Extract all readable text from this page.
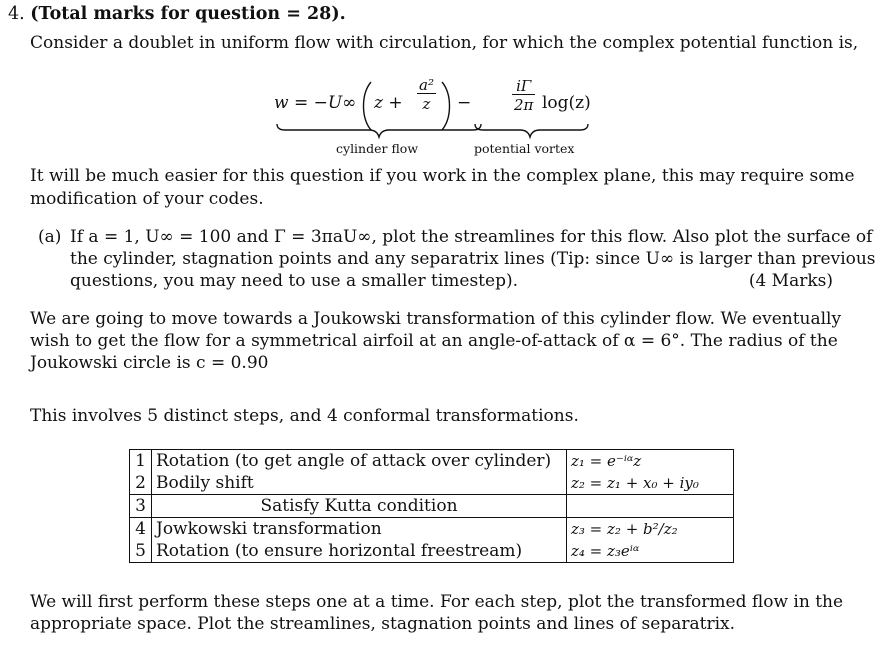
4. (Total marks for question = 28).
Consider a doublet in uniform flow with circulation, for which the complex potential function is,
w = −U∞ $z + \frac{\text{a²}}{z}$ −	$\frac{i\Gamma}{2\pi} \log(z)$
cylinder flow	potential vortex
It will be much easier for this question if you work in the complex plane, this may require some
modification of your codes.
(a) If a = 1, U∞ = 100 and Γ = 3πaU∞, plot the streamlines for this flow. Also plot the surface of
the cylinder, stagnation points and any separatrix lines (Tip: since U∞ is larger than previous
questions, you may need to use a smaller timestep).	(4 Marks)
We are going to move towards a Joukowski transformation of this cylinder flow. We eventually
wish to get the flow for a symmetrical airfoil at an angle-of-attack of α = 6°. The radius of the
Joukowski circle is c = 0.90
This involves 5 distinct steps, and 4 conformal transformations.
1	Rotation (to get angle of attack over cylinder)	z₁ = e⁻ⁱᵅz
2	Bodily shift	z₂ = z₁ + x₀ + iy₀
3	Satisfy Kutta condition	
4	Jowkowski transformation	z₃ = z₂ + b²/z₂
5	Rotation (to ensure horizontal freestream)	z₄ = z₃eⁱᵅ
We will first perform these steps one at a time. For each step, plot the transformed flow in the
appropriate space. Plot the streamlines, stagnation points and lines of separatrix.
